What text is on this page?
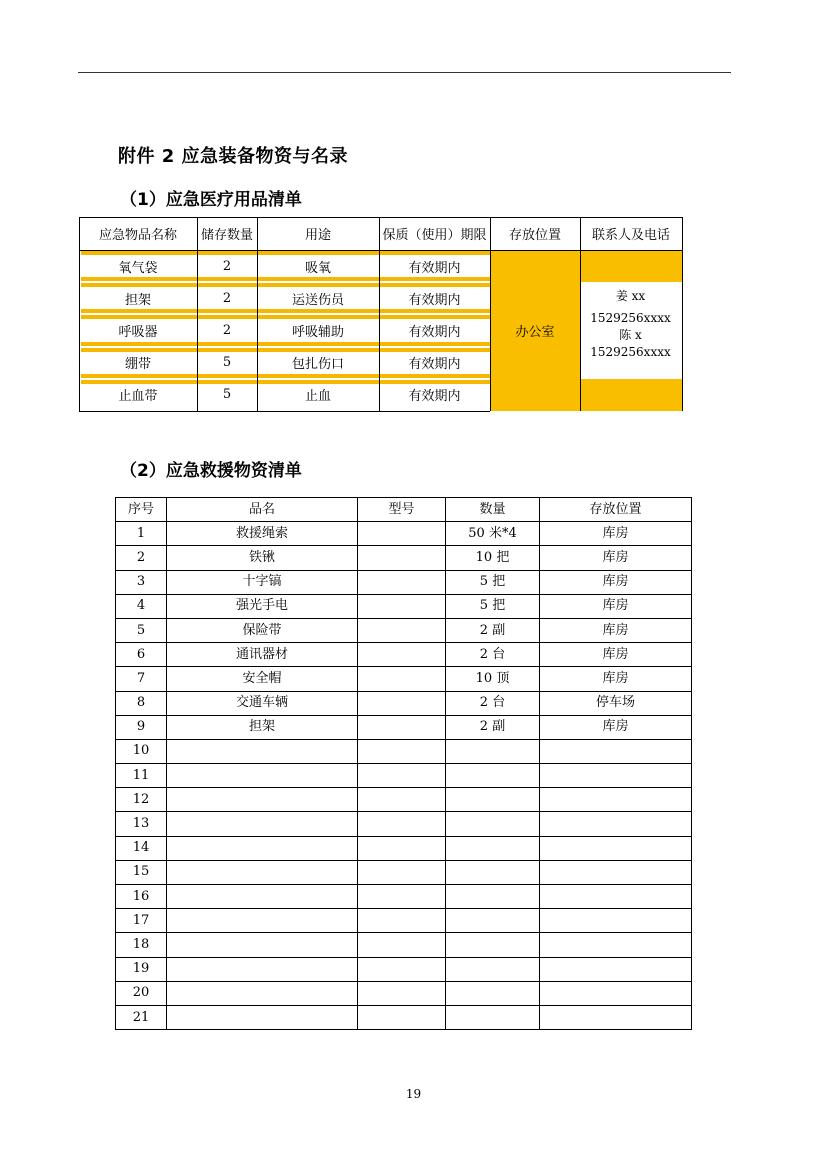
附件 2 应急装备物资与名录
（1）应急医疗用品清单
应急物品名称	储存数量	用途	保质（使用）期限	存放位置	联系人及电话
氧气袋	2	吸氧	有效期内
担架	2	运送伤员	有效期内
呼吸器	2	呼吸辅助	有效期内
绷带	5	包扎伤口	有效期内
止血带	5	止血	有效期内
办公室
姜 xx
1529256xxxx
陈 x
1529256xxxx
（2）应急救援物资清单
序号	品名	型号	数量	存放位置
1	救援绳索		50 米*4	库房
2	铁锹		10 把	库房
3	十字镐		5 把	库房
4	强光手电		5 把	库房
5	保险带		2 副	库房
6	通讯器材		2 台	库房
7	安全帽		10 顶	库房
8	交通车辆		2 台	停车场
9	担架		2 副	库房
10				
11				
12				
13				
14				
15				
16				
17				
18				
19				
20				
21				
19
